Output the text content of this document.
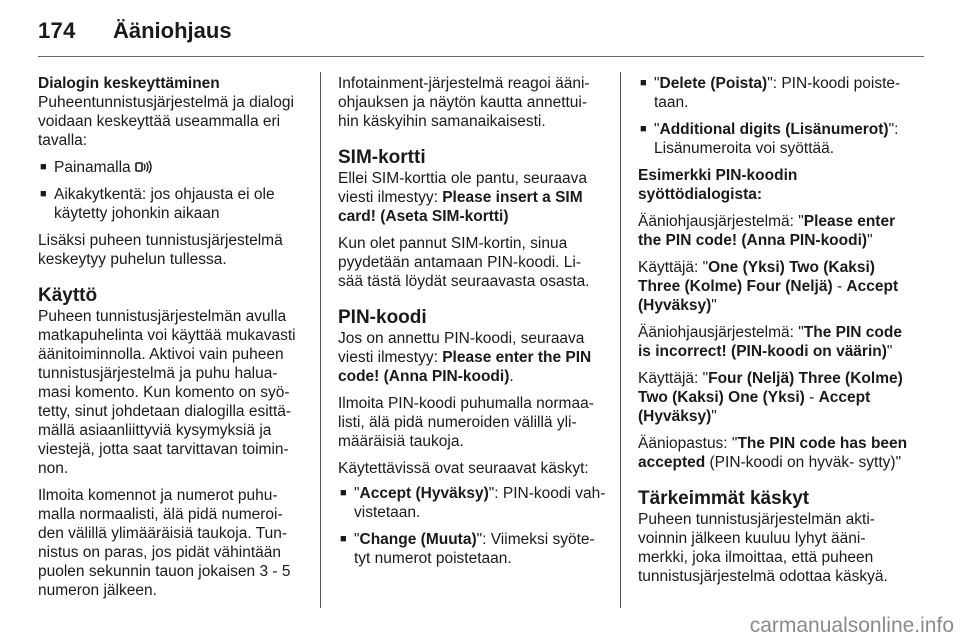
174 Ääniohjaus
Dialogin keskeyttäminen

Puheentunnistusjärjestelmä ja dialogi voidaan keskeyttää useammalla eri tavalla:

■ Painamalla
■ Aikakytkentä: jos ohjausta ei ole käytetty johonkin aikaan

Lisäksi puheen tunnistusjärjestelmä keskeytyy puhelun tullessa.

Käyttö

Puheen tunnistusjärjestelmän avulla matkapuhelinta voi käyttää mukavasti äänitoiminnolla. Aktivoi vain puheen tunnistusjärjestelmä ja puhu halua- masi komento. Kun komento on syö- tetty, sinut johdetaan dialogilla esittä- mällä asiaanliittyviä kysymyksiä ja viestejä, jotta saat tarvittavan toimin- non.

Ilmoita komennot ja numerot puhu- malla normaalisti, älä pidä numeroi- den välillä ylimääräisiä taukoja. Tun- nistus on paras, jos pidät vähintään puolen sekunnin tauon jokaisen 3 - 5 numeron jälkeen.

Infotainment-järjestelmä reagoi ääni- ohjauksen ja näytön kautta annettui- hin käskyihin samanaikaisesti.

SIM-kortti

Ellei SIM-korttia ole pantu, seuraava viesti ilmestyy: Please insert a SIM card! (Aseta SIM-kortti)

Kun olet pannut SIM-kortin, sinua pyydetään antamaan PIN-koodi. Li- sää tästä löydät seuraavasta osasta.

PIN-koodi

Jos on annettu PIN-koodi, seuraava viesti ilmestyy: Please enter the PIN code! (Anna PIN-koodi).

Ilmoita PIN-koodi puhumalla normaa- listi, älä pidä numeroiden välillä yli- määräisiä taukoja.

Käytettävissä ovat seuraavat käskyt:

■ "Accept (Hyväksy)": PIN-koodi vah- vistetaan.
■ "Change (Muuta)": Viimeksi syöte- tyt numerot poistetaan.
■ "Delete (Poista)": PIN-koodi poiste- taan.
■ "Additional digits (Lisänumerot)": Lisänumeroita voi syöttää.

Esimerkki PIN-koodin syöttödialogista:

Ääniohjausjärjestelmä: "Please enter the PIN code! (Anna PIN-koodi)"

Käyttäjä: "One (Yksi) Two (Kaksi) Three (Kolme) Four (Neljä) - Accept (Hyväksy)"

Ääniohjausjärjestelmä: "The PIN code is incorrect! (PIN-koodi on väärin)"

Käyttäjä: "Four (Neljä) Three (Kolme) Two (Kaksi) One (Yksi) - Accept (Hyväksy)"

Ääniopastus: "The PIN code has been accepted (PIN-koodi on hyväk- sytty)"

Tärkeimmät käskyt

Puheen tunnistusjärjestelmän akti- voinnin jälkeen kuuluu lyhyt ääni- merkki, joka ilmoittaa, että puheen tunnistusjärjestelmä odottaa käskyä.

carmanualsonline.info
